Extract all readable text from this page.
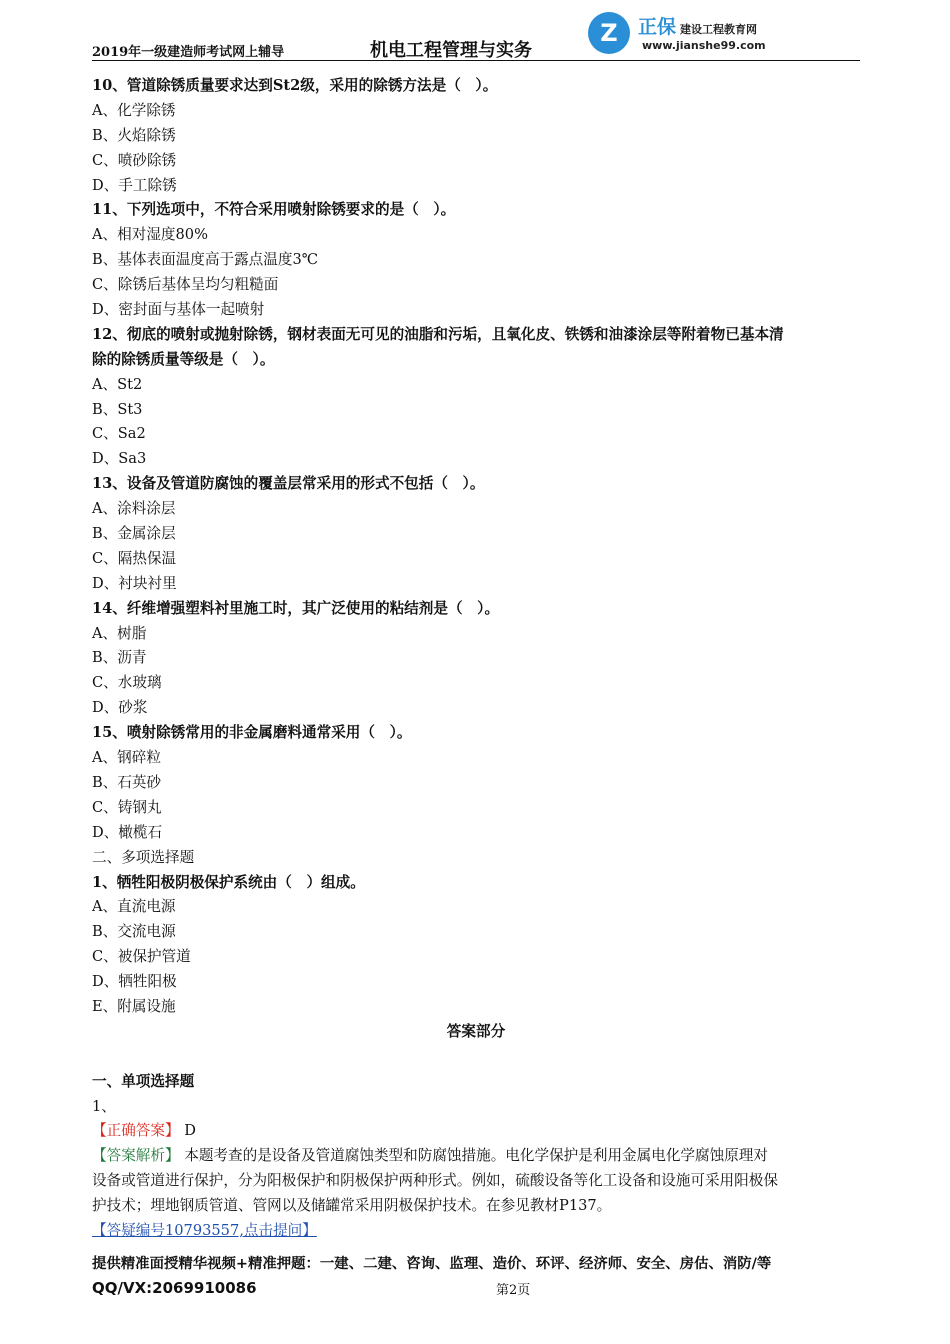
2019年一级建造师考试网上辅导	机电工程管理与实务
Z	正保 建设工程教育网
www.jianshe99.com
10、管道除锈质量要求达到St2级，采用的除锈方法是（　）。
A、化学除锈
B、火焰除锈
C、喷砂除锈
D、手工除锈
11、下列选项中，不符合采用喷射除锈要求的是（　）。
A、相对湿度80%
B、基体表面温度高于露点温度3℃
C、除锈后基体呈均匀粗糙面
D、密封面与基体一起喷射
12、彻底的喷射或抛射除锈，钢材表面无可见的油脂和污垢，且氧化皮、铁锈和油漆涂层等附着物已基本清
除的除锈质量等级是（　）。
A、St2
B、St3
C、Sa2
D、Sa3
13、设备及管道防腐蚀的覆盖层常采用的形式不包括（　）。
A、涂料涂层
B、金属涂层
C、隔热保温
D、衬块衬里
14、纤维增强塑料衬里施工时，其广泛使用的粘结剂是（　）。
A、树脂
B、沥青
C、水玻璃
D、砂浆
15、喷射除锈常用的非金属磨料通常采用（　）。
A、钢碎粒
B、石英砂
C、铸钢丸
D、橄榄石
二、多项选择题
1、牺牲阳极阴极保护系统由（　）组成。
A、直流电源
B、交流电源
C、被保护管道
D、牺牲阳极
E、附属设施
答案部分
一、单项选择题
1、
【正确答案】 D
【答案解析】 本题考查的是设备及管道腐蚀类型和防腐蚀措施。电化学保护是利用金属电化学腐蚀原理对
设备或管道进行保护，分为阳极保护和阴极保护两种形式。例如，硫酸设备等化工设备和设施可采用阳极保
护技术；埋地钢质管道、管网以及储罐常采用阴极保护技术。在参见教材P137。
【答疑编号10793557,点击提问】
提供精准面授精华视频+精准押题：一建、二建、咨询、监理、造价、环评、经济师、安全、房估、消防/等
QQ/VX:2069910086	第2页
